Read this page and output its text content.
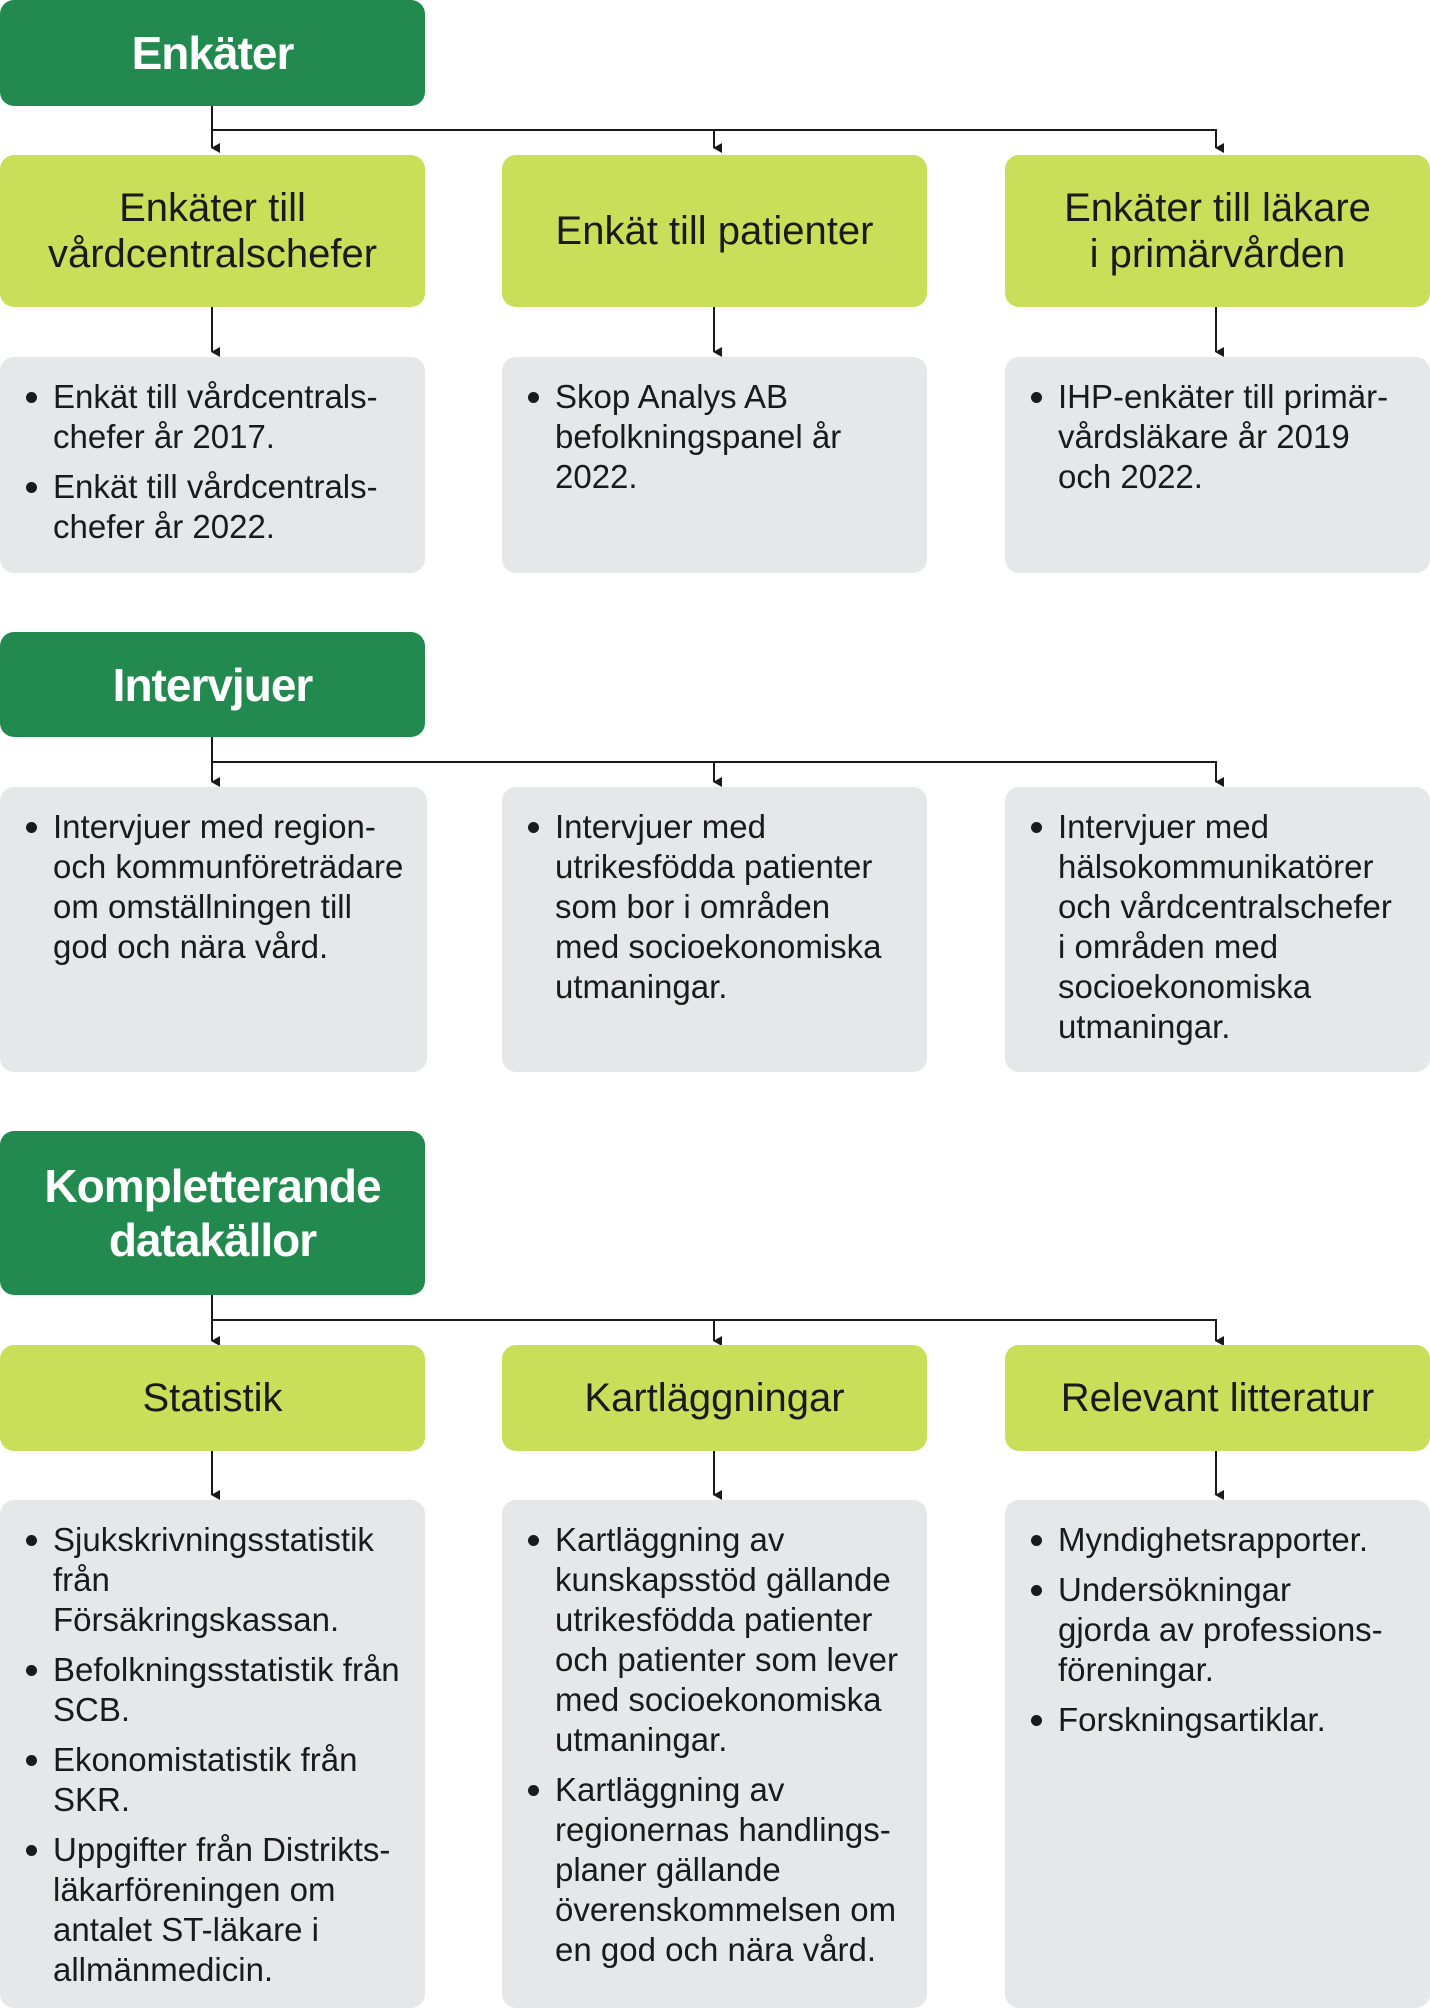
Enkäter
Enkäter till
vårdcentralschefer
Enkät till patienter
Enkäter till läkare
i primärvården
Enkät till vårdcentrals-
chefer år 2017.
Enkät till vårdcentrals-
chefer år 2022.
Skop Analys AB
befolkningspanel år
2022.
IHP-enkäter till primär-
vårdsläkare år 2019
och 2022.
Intervjuer
Intervjuer med region-
och kommunföreträdare
om omställningen till
god och nära vård.
Intervjuer med
utrikesfödda patienter
som bor i områden
med socioekonomiska
utmaningar.
Intervjuer med
hälsokommunikatörer
och vårdcentralschefer
i områden med
socioekonomiska
utmaningar.
Kompletterande
datakällor
Statistik	Kartläggningar	Relevant litteratur
Sjukskrivningsstatistik
från Försäkringskassan.
Befolkningsstatistik från
SCB.
Ekonomistatistik från
SKR.
Uppgifter från Distrikts-
läkarföreningen om
antalet ST-läkare i
allmänmedicin.
Kartläggning av
kunskapsstöd gällande
utrikesfödda patienter
och patienter som lever
med socioekonomiska
utmaningar.
Kartläggning av
regionernas handlings-
planer gällande
överenskommelsen om
en god och nära vård.
Myndighetsrapporter.
Undersökningar
gjorda av professions-
föreningar.
Forskningsartiklar.
